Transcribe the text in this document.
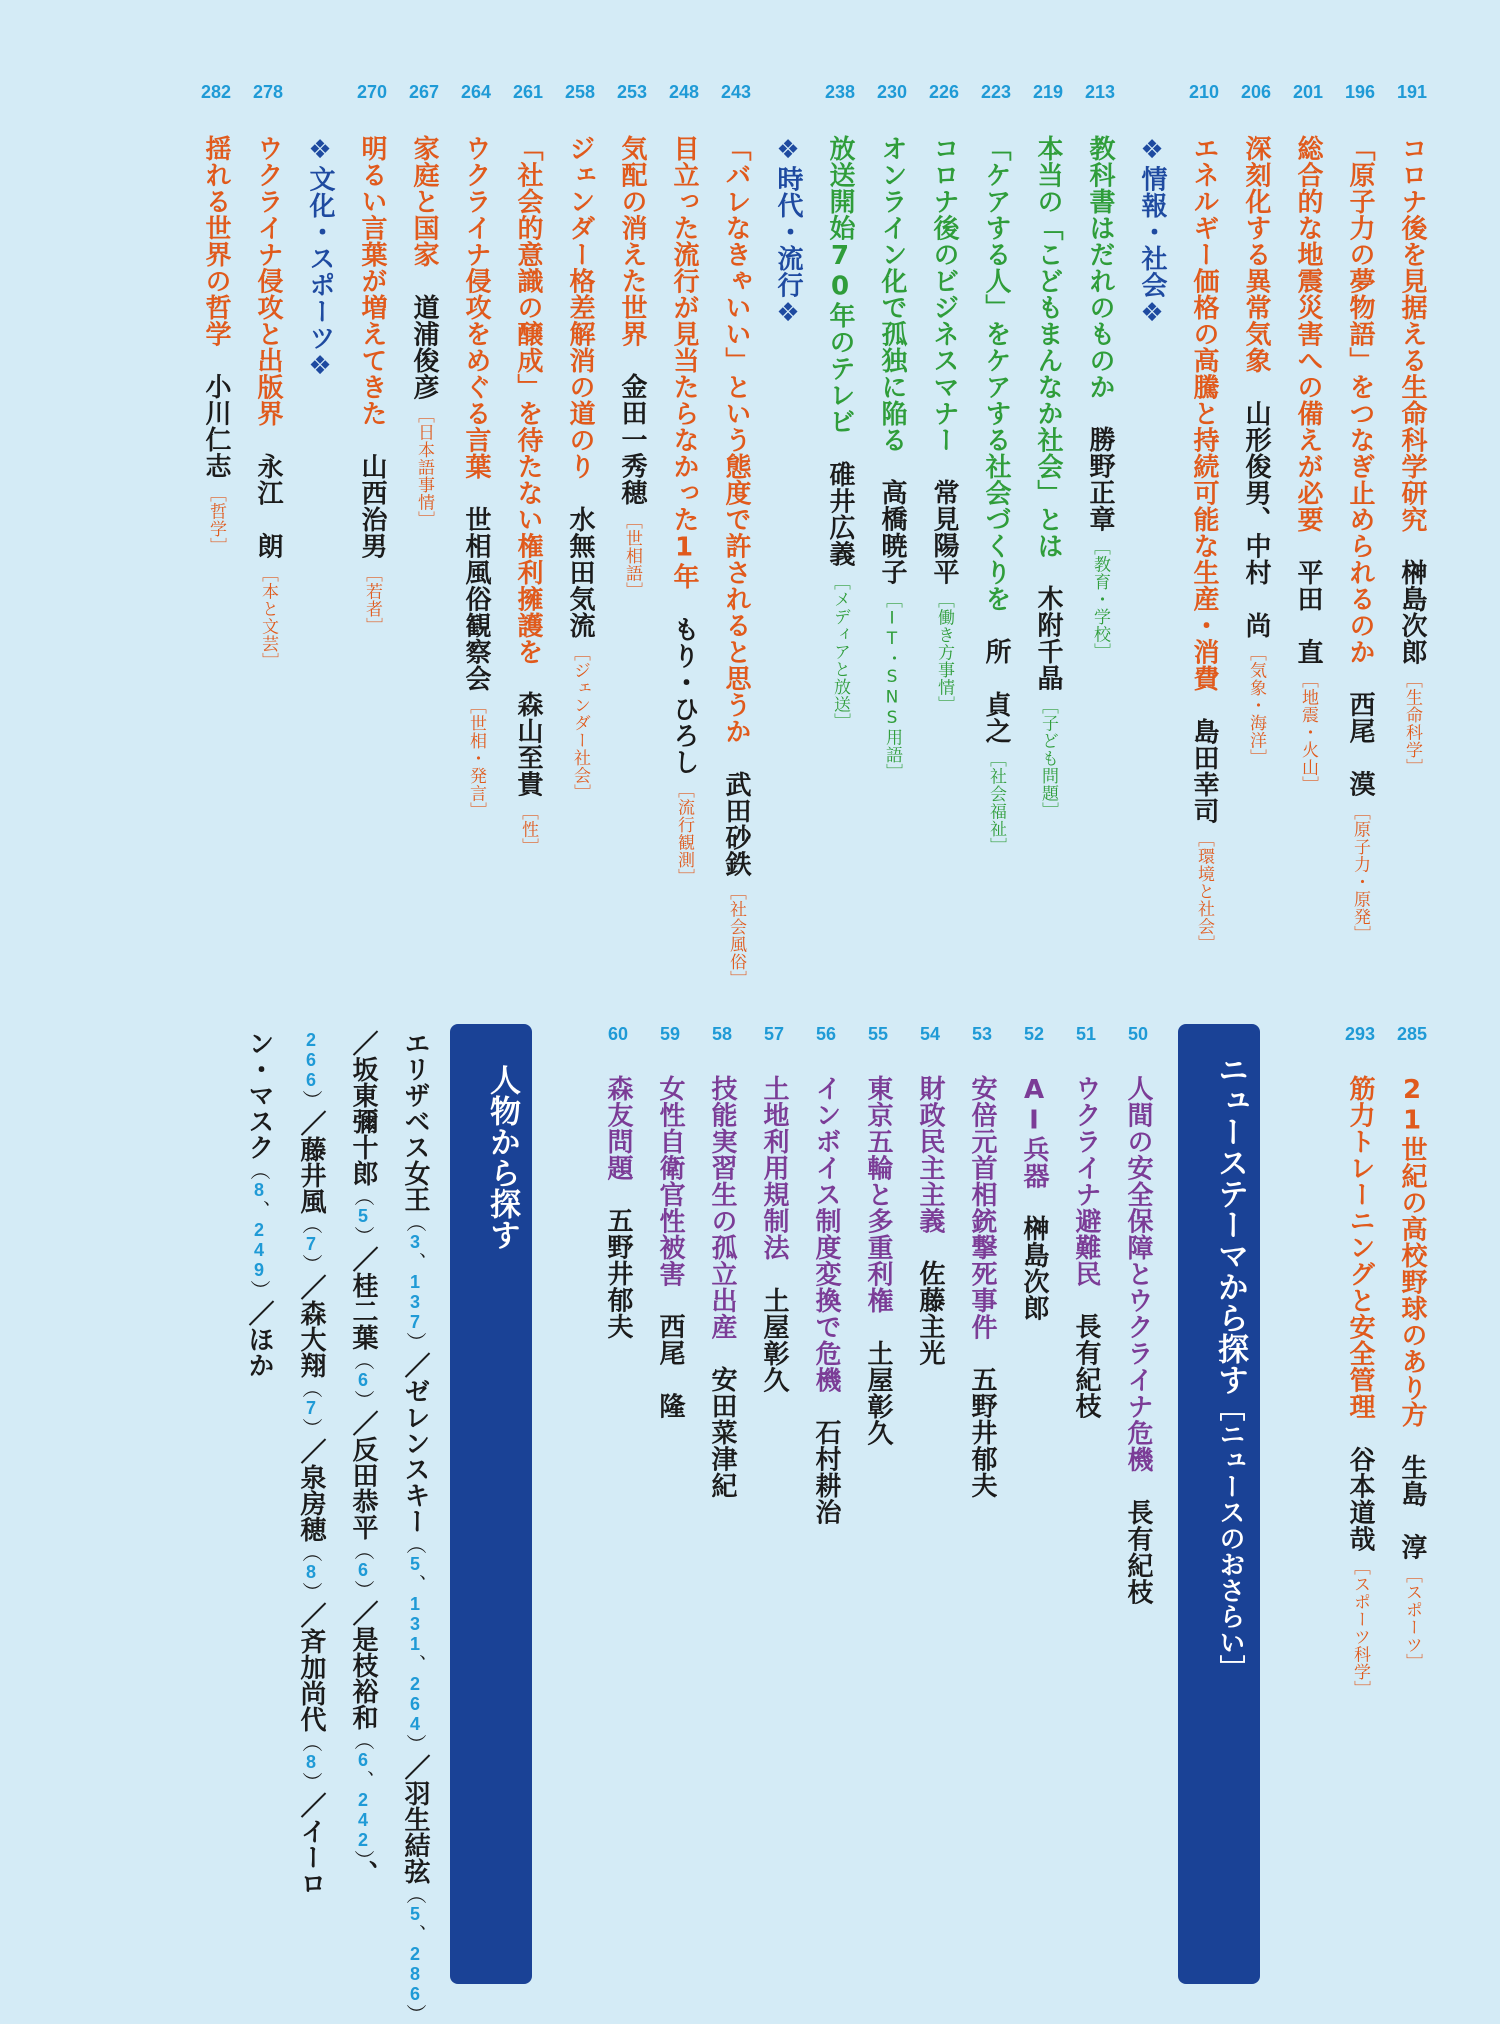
191
コロナ後を見据える生命科学研究榊島次郎［生命科学］
196
「原子力の夢物語」をつなぎ止められるのか西尾　漠［原子力・原発］
201
総合的な地震災害への備えが必要平田　直［地震・火山］
206
深刻化する異常気象山形俊男、中村　尚［気象・海洋］
210
エネルギー価格の高騰と持続可能な生産・消費島田幸司［環境と社会］
❖情報・社会❖
213
教科書はだれのものか勝野正章［教育・学校］
219
本当の「こどもまんなか社会」とは木附千晶［子ども問題］
223
「ケアする人」をケアする社会づくりを所　貞之［社会福祉］
226
コロナ後のビジネスマナー常見陽平［働き方事情］
230
オンライン化で孤独に陥る高橋暁子［IT・SNS用語］
238
放送開始70年のテレビ碓井広義［メディアと放送］
❖時代・流行❖
243
「バレなきゃいい」という態度で許されると思うか武田砂鉄［社会風俗］
248
目立った流行が見当たらなかった1年もり・ひろし［流行観測］
253
気配の消えた世界金田一秀穂［世相語］
258
ジェンダー格差解消の道のり水無田気流［ジェンダー社会］
261
「社会的意識の醸成」を待たない権利擁護を森山至貴［性］
264
ウクライナ侵攻をめぐる言葉世相風俗観察会［世相・発言］
267
家庭と国家道浦俊彦［日本語事情］
270
明るい言葉が増えてきた山西治男［若者］
❖文化・スポーツ❖
278
ウクライナ侵攻と出版界永江　朗［本と文芸］
282
揺れる世界の哲学小川仁志［哲学］
285
21世紀の高校野球のあり方生島　淳［スポーツ］
293
筋力トレーニングと安全管理谷本道哉［スポーツ科学］
ニューステーマから探す［ニュースのおさらい］
50
人間の安全保障とウクライナ危機長有紀枝
51
ウクライナ避難民長有紀枝
52
AI兵器榊島次郎
53
安倍元首相銃撃死事件五野井郁夫
54
財政民主主義佐藤主光
55
東京五輪と多重利権土屋彰久
56
インボイス制度変換で危機石村耕治
57
土地利用規制法土屋彰久
58
技能実習生の孤立出産安田菜津紀
59
女性自衛官性被害西尾　隆
60
森友問題五野井郁夫
人物から探す
エリザベス女王（3、137）／ゼレンスキー（5、131、264）／羽生結弦（5、286）
／坂東彌十郎（5）／桂二葉（6）／反田恭平（6）／是枝裕和（6、242）、
266）／藤井風（7）／森大翔（7）／泉房穂（8）／斉加尚代（8）／イーロ
ン・マスク（8、249）／ほか
